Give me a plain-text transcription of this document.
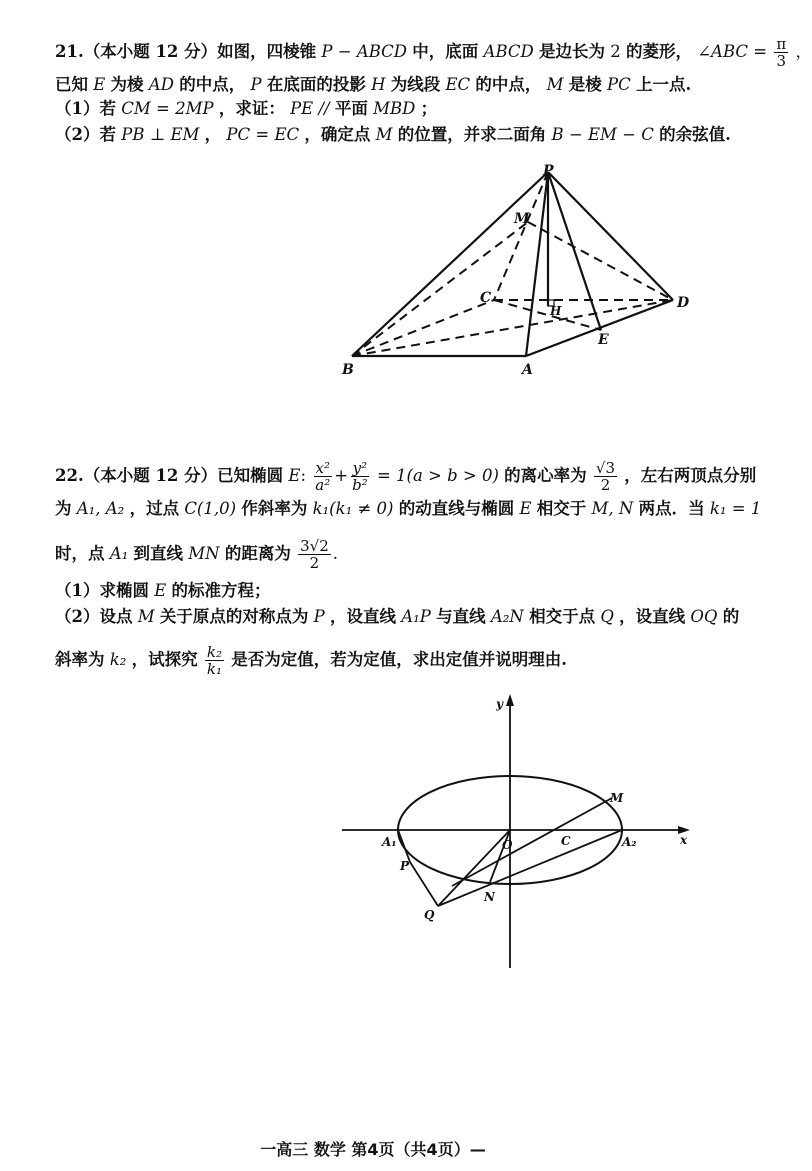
21.（本小题 12 分）如图，四棱锥 P − ABCD 中，底面 ABCD 是边长为 2 的菱形， ∠ABC = $\frac{\pi}{3}$ ，
已知 E 为棱 AD 的中点， P 在底面的投影 H 为线段 EC 的中点， M 是棱 PC 上一点.
（1）若 CM = 2MP ，求证： PE // 平面 MBD ；
（2）若 PB ⊥ EM ， PC = EC ，确定点 M 的位置，并求二面角 B − EM − C 的余弦值.
P
M
C
H	D
E
B	A
22.（本小题 12 分）已知椭圆 E: $\frac{\text{x²}}{\text{a²}} + \frac{\text{y²}}{\text{b²}} = 1(a > b > 0)$ 的离心率为 $\frac{√3}{2}$ ，左右两顶点分别
为 A₁, A₂ ，过点 C(1,0) 作斜率为 k₁(k₁ ≠ 0) 的动直线与椭圆 E 相交于 M, N 两点．当 k₁ = 1
时，点 A₁ 到直线 MN 的距离为 $\frac{3√2}{2}$ .
（1）求椭圆 E 的标准方程；
（2）设点 M 关于原点的对称点为 P ，设直线 A₁P 与直线 A₂N 相交于点 Q ，设直线 OQ 的
斜率为 k₂ ，试探究 $\frac{\text{k₂}}{\text{k₁}}$ 是否为定值，若为定值，求出定值并说明理由.
y
x
O
M
C
A₁	A₂
P
N
Q
一高三 数学 第4页（共4页）—
